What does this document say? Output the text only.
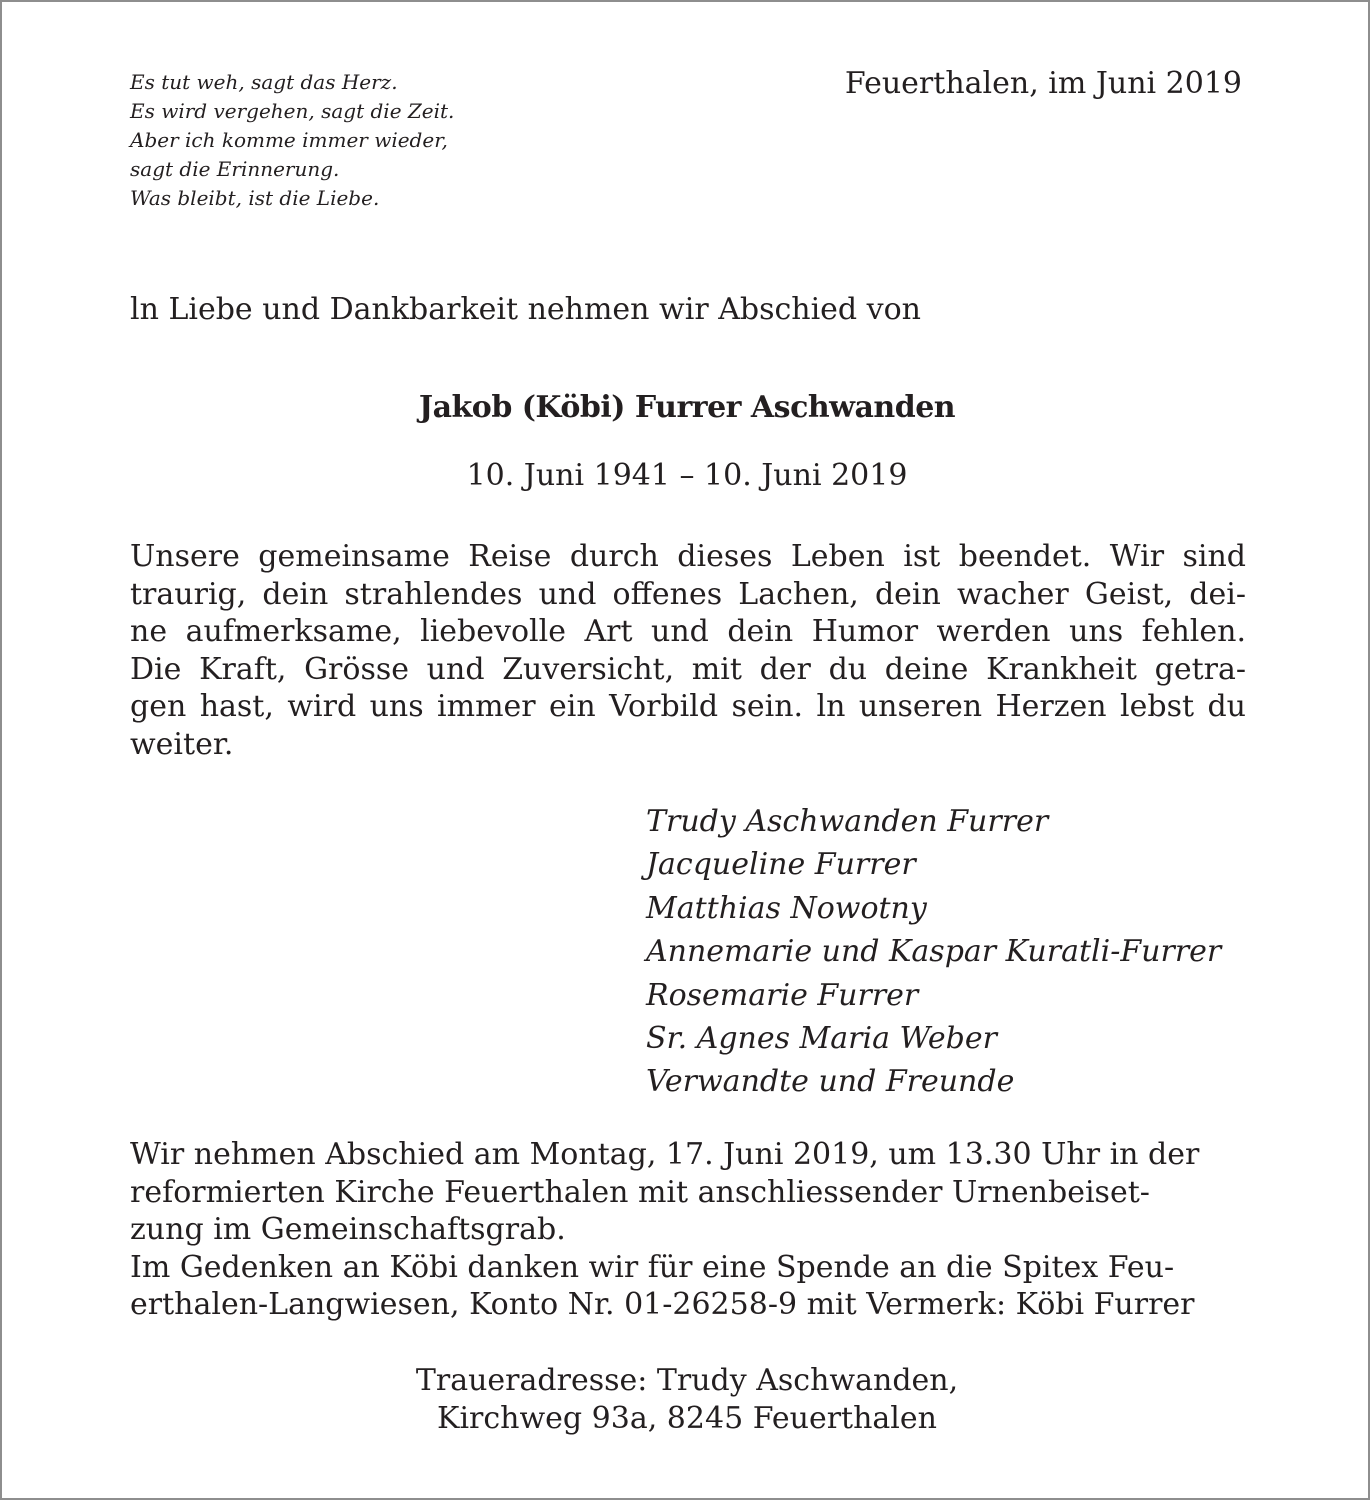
Es tut weh, sagt das Herz.
Es wird vergehen, sagt die Zeit.
Aber ich komme immer wieder,
sagt die Erinnerung.
Was bleibt, ist die Liebe.
Feuerthalen, im Juni 2019
ln Liebe und Dankbarkeit nehmen wir Abschied von
Jakob (Köbi) Furrer Aschwanden
10. Juni 1941 – 10. Juni 2019
Unsere gemeinsame Reise durch dieses Leben ist beendet. Wir sind
traurig, dein strahlendes und offenes Lachen, dein wacher Geist, dei-
ne aufmerksame, liebevolle Art und dein Humor werden uns fehlen.
Die Kraft, Grösse und Zuversicht, mit der du deine Krankheit getra-
gen hast, wird uns immer ein Vorbild sein. ln unseren Herzen lebst du
weiter.
Trudy Aschwanden Furrer
Jacqueline Furrer
Matthias Nowotny
Annemarie und Kaspar Kuratli-Furrer
Rosemarie Furrer
Sr. Agnes Maria Weber
Verwandte und Freunde
Wir nehmen Abschied am Montag, 17. Juni 2019, um 13.30 Uhr in der
reformierten Kirche Feuerthalen mit anschliessender Urnenbeiset-
zung im Gemeinschaftsgrab.
Im Gedenken an Köbi danken wir für eine Spende an die Spitex Feu-
erthalen-Langwiesen, Konto Nr. 01-26258-9 mit Vermerk: Köbi Furrer
Traueradresse: Trudy Aschwanden,
Kirchweg 93a, 8245 Feuerthalen
